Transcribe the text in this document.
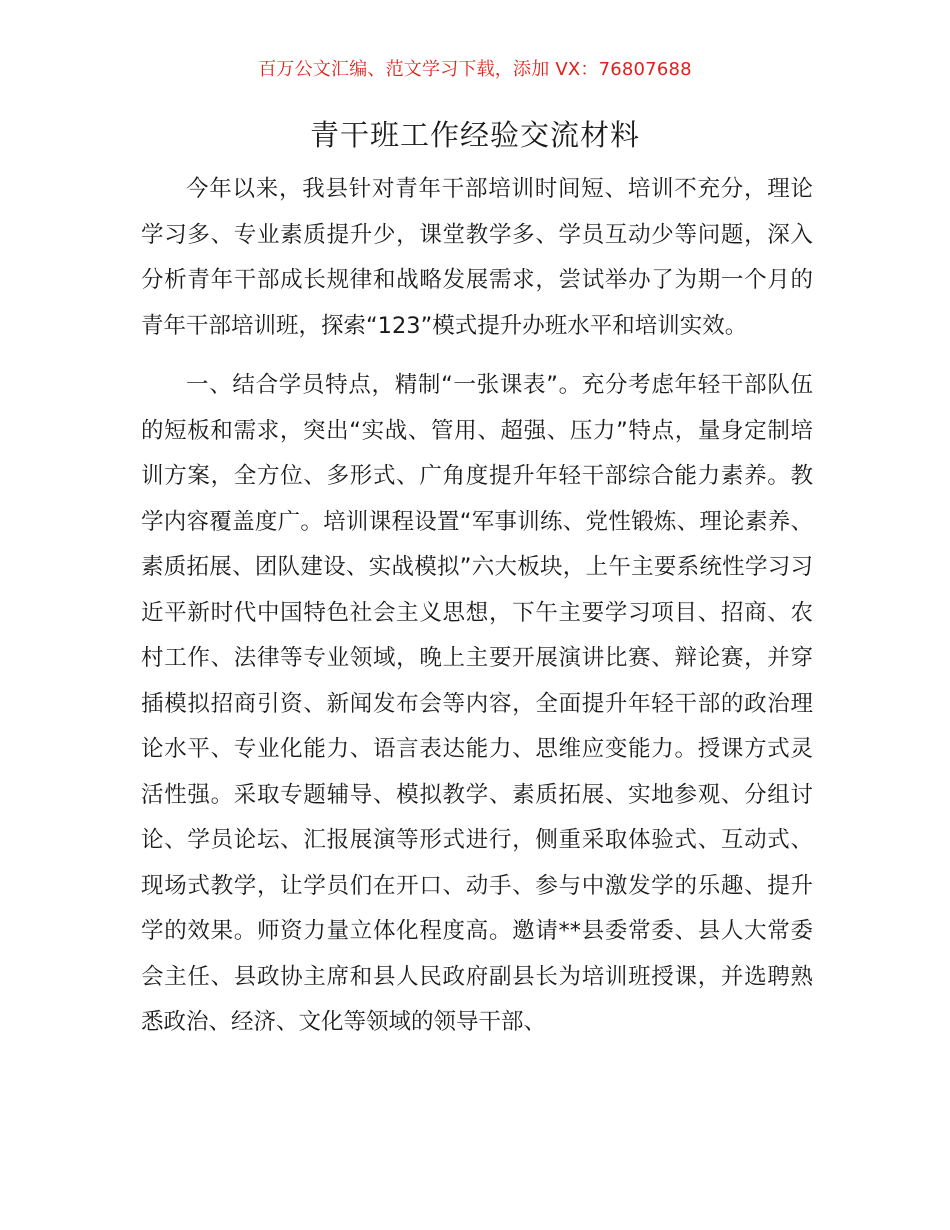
百万公文汇编、范文学习下载，添加 VX：76807688
青干班工作经验交流材料

今年以来，我县针对青年干部培训时间短、培训不充分，理论学习多、专业素质提升少，课堂教学多、学员互动少等问题，深入分析青年干部成长规律和战略发展需求，尝试举办了为期一个月的青年干部培训班，探索“123”模式提升办班水平和培训实效。

一、结合学员特点，精制“一张课表”。充分考虑年轻干部队伍的短板和需求，突出“实战、管用、超强、压力”特点，量身定制培训方案，全方位、多形式、广角度提升年轻干部综合能力素养。教学内容覆盖度广。培训课程设置“军事训练、党性锻炼、理论素养、素质拓展、团队建设、实战模拟”六大板块，上午主要系统性学习习近平新时代中国特色社会主义思想，下午主要学习项目、招商、农村工作、法律等专业领域，晚上主要开展演讲比赛、辩论赛，并穿插模拟招商引资、新闻发布会等内容，全面提升年轻干部的政治理论水平、专业化能力、语言表达能力、思维应变能力。授课方式灵活性强。采取专题辅导、模拟教学、素质拓展、实地参观、分组讨论、学员论坛、汇报展演等形式进行，侧重采取体验式、互动式、现场式教学，让学员们在开口、动手、参与中激发学的乐趣、提升学的效果。师资力量立体化程度高。邀请**县委常委、县人大常委会主任、县政协主席和县人民政府副县长为培训班授课，并选聘熟悉政治、经济、文化等领域的领导干部、
